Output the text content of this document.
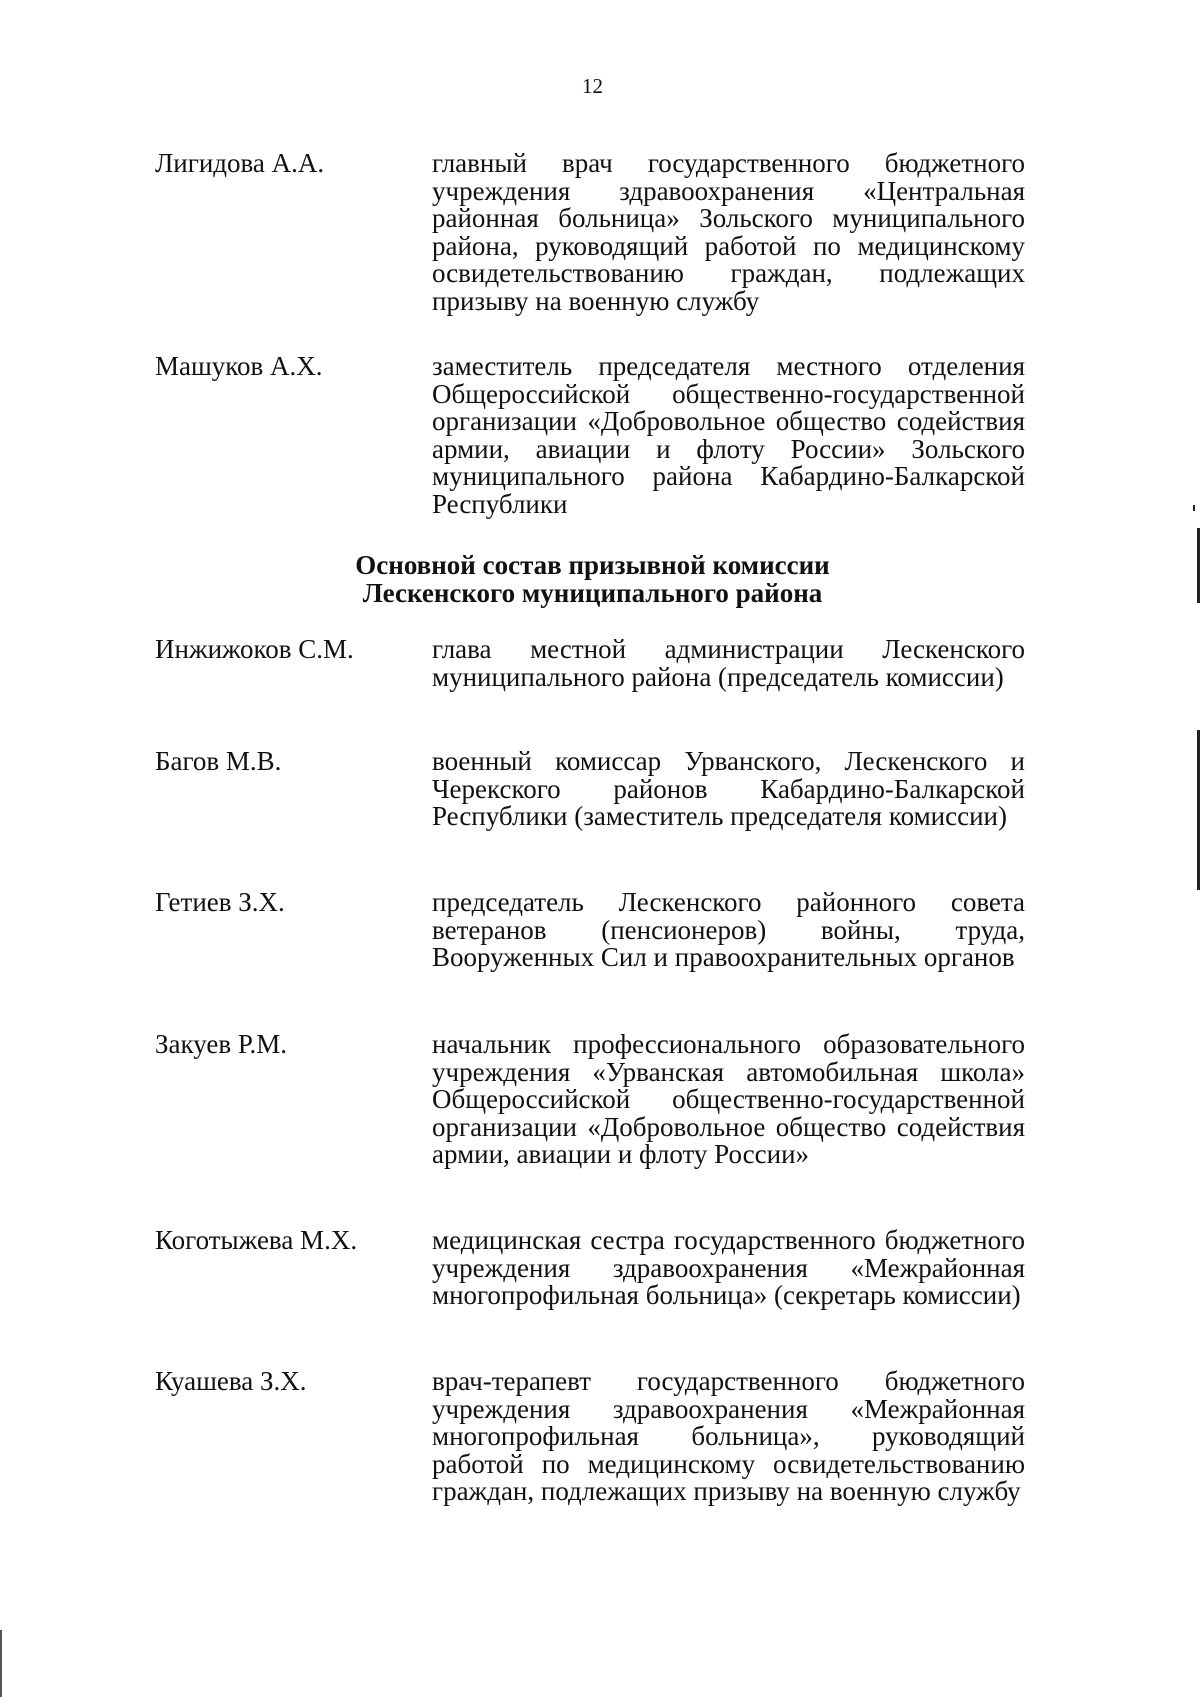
12
Лигидова А.А.	главный врач государственного бюджетного учреждения здравоохранения «Центральная районная больница» Зольского муниципального района, руководящий работой по медицинскому освидетельствованию граждан, подлежащих призыву на военную службу
Машуков А.Х.	заместитель председателя местного отделения Общероссийской общественно-государственной организации «Добровольное общество содействия армии, авиации и флоту России» Зольского муниципального района Кабардино-Балкарской Республики
Основной состав призывной комиссии
Лескенского муниципального района
Инжижоков С.М.	глава местной администрации Лескенского муниципального района (председатель комиссии)
Багов М.В.	военный комиссар Урванского, Лескенского и Черекского районов Кабардино-Балкарской Республики (заместитель председателя комиссии)
Гетиев З.Х.	председатель Лескенского районного совета ветеранов (пенсионеров) войны, труда, Вооруженных Сил и правоохранительных органов
Закуев Р.М.	начальник профессионального образовательного учреждения «Урванская автомобильная школа» Общероссийской общественно-государственной организации «Добровольное общество содействия армии, авиации и флоту России»
Коготыжева М.Х.	медицинская сестра государственного бюджетного учреждения здравоохранения «Межрайонная многопрофильная больница» (секретарь комиссии)
Куашева З.Х.	врач-терапевт государственного бюджетного учреждения здравоохранения «Межрайонная многопрофильная больница», руководящий работой по медицинскому освидетельствованию граждан, подлежащих призыву на военную службу
